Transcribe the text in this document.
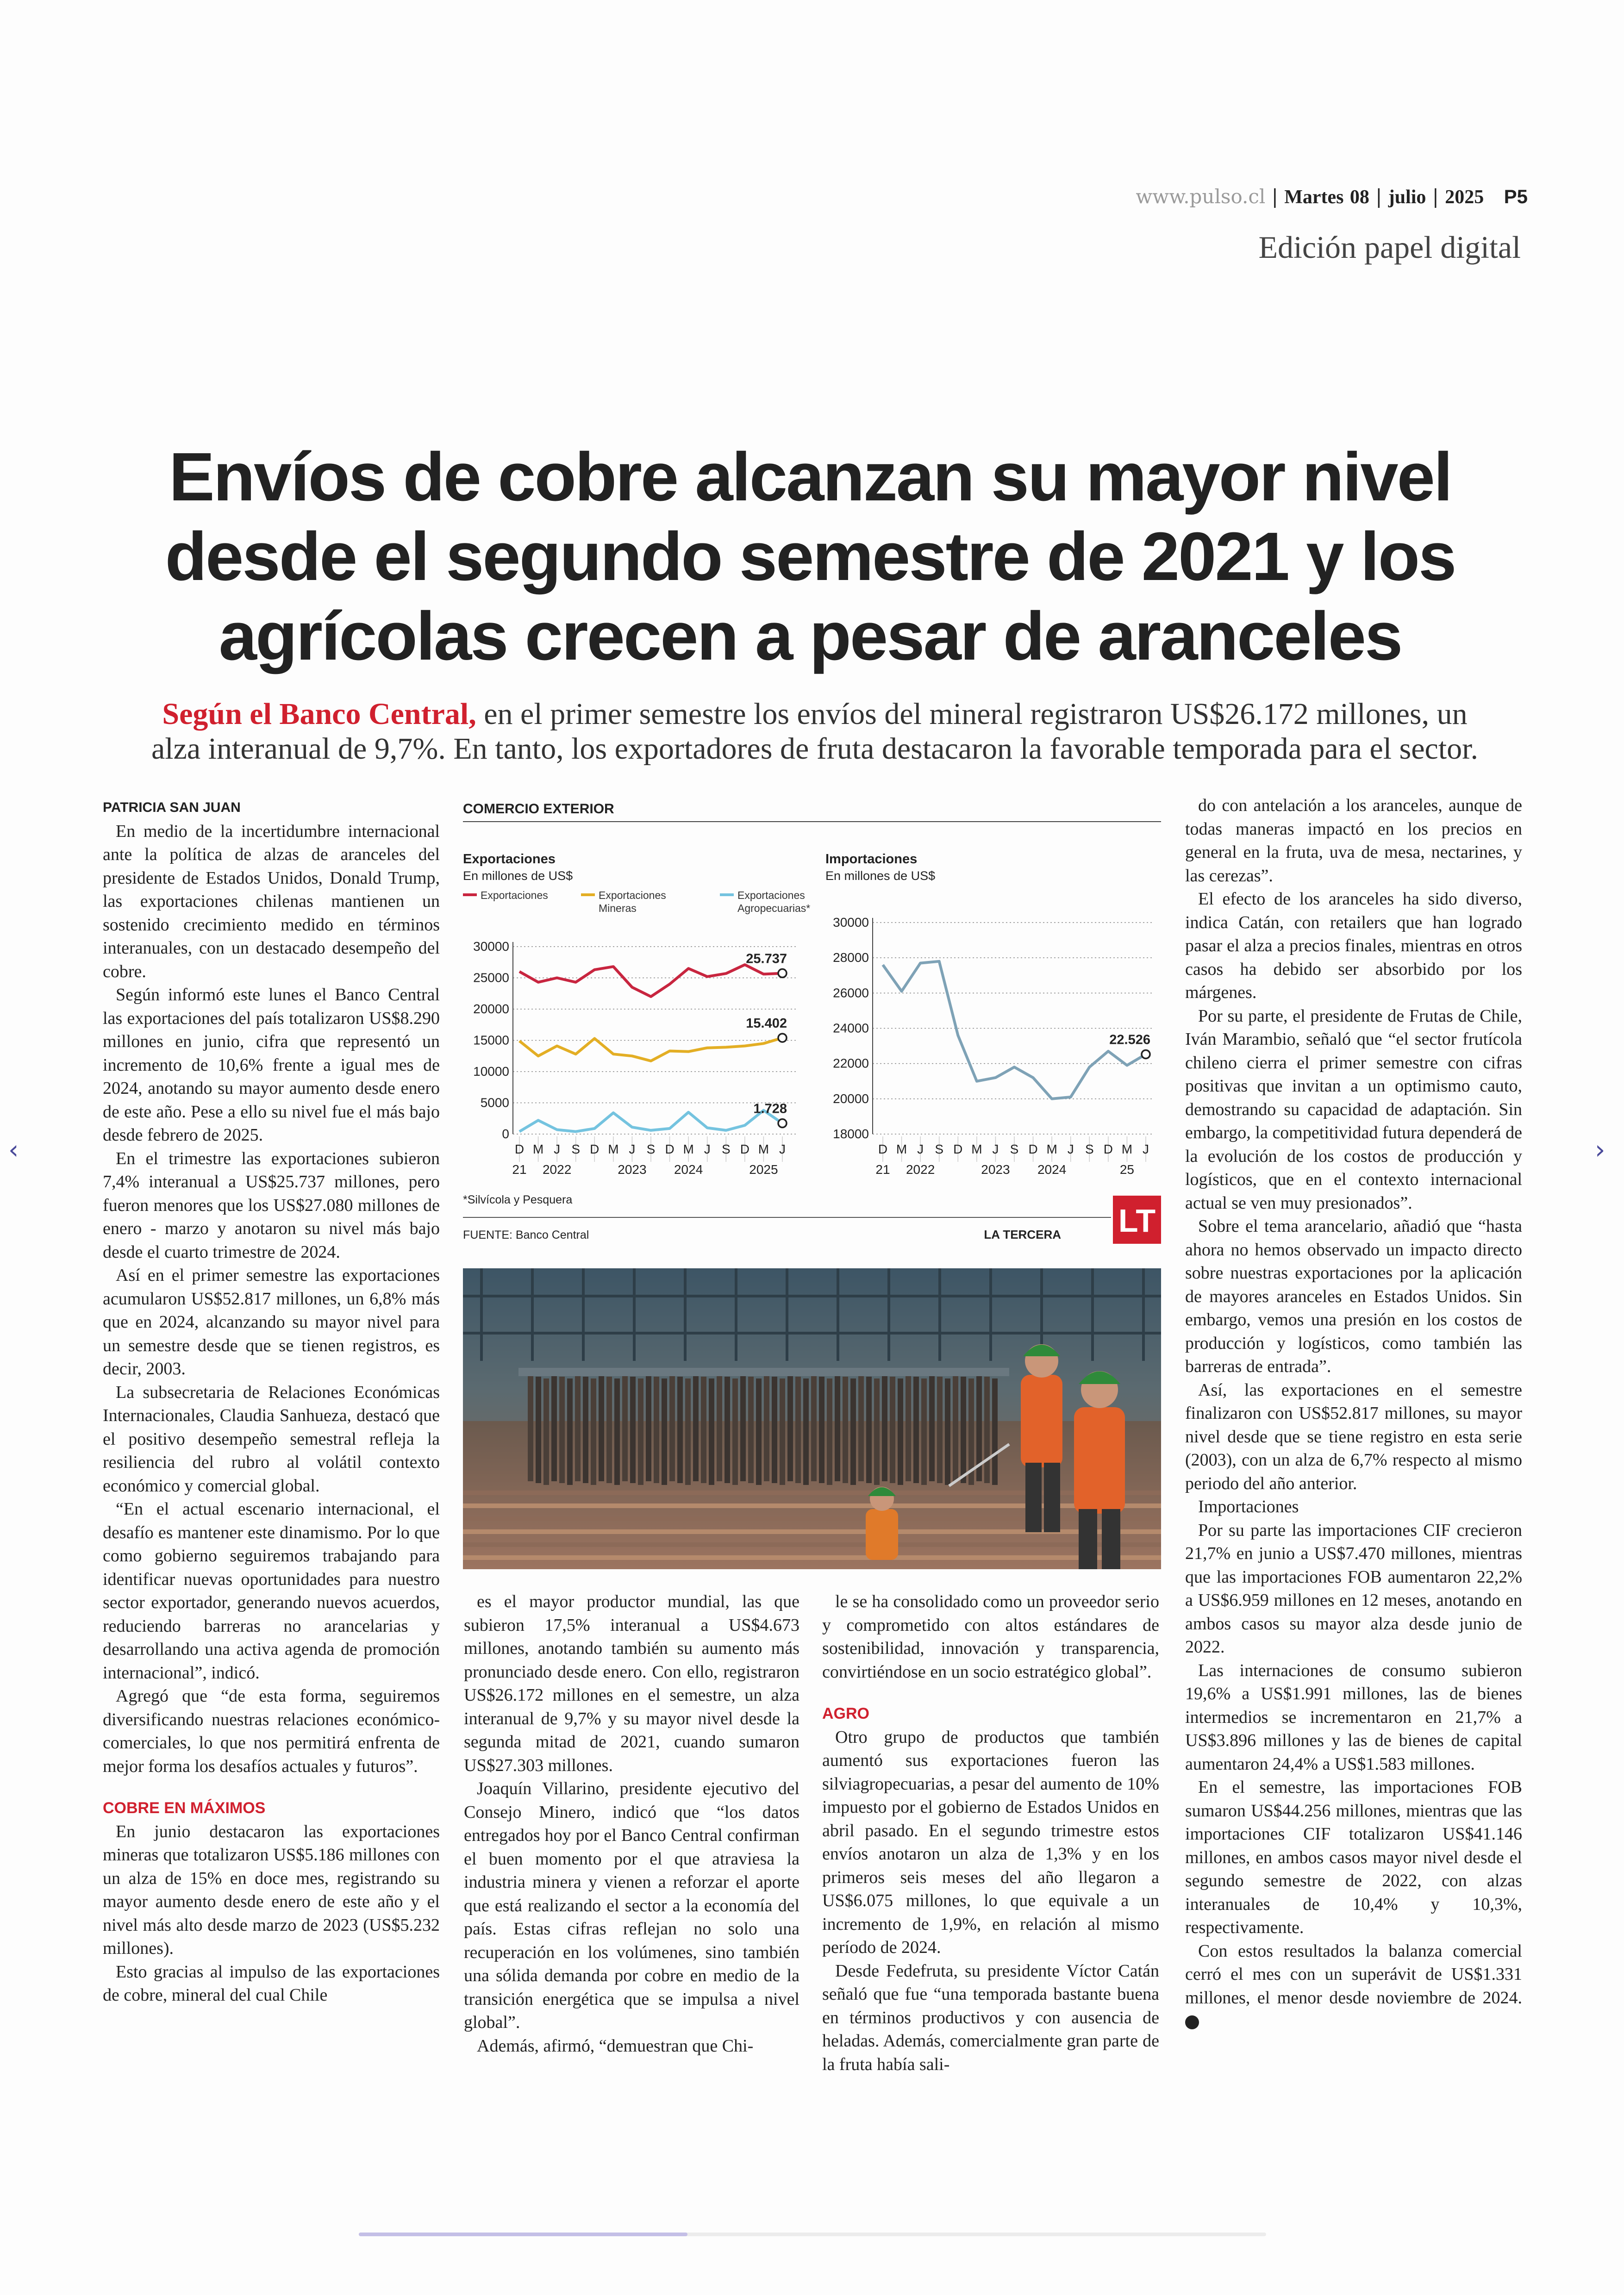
www.pulso.cl | Martes 08 | julio | 2025 P5
Edición papel digital
Envíos de cobre alcanzan su mayor nivel
desde el segundo semestre de 2021 y los
agrícolas crecen a pesar de aranceles
Según el Banco Central, en el primer semestre los envíos del mineral registraron US$26.172 millones, un
alza interanual de 9,7%. En tanto, los exportadores de fruta destacaron la favorable temporada para el sector.

PATRICIA SAN JUAN

En medio de la incertidumbre internacional ante la política de alzas de aranceles del presidente de Estados Unidos, Donald Trump, las exportaciones chilenas mantienen un sostenido crecimiento medido en términos interanuales, con un destacado desempeño del cobre.

Según informó este lunes el Banco Central las exportaciones del país totalizaron US$8.290 millones en junio, cifra que representó un incremento de 10,6% frente a igual mes de 2024, anotando su mayor aumento desde enero de este año. Pese a ello su nivel fue el más bajo desde febrero de 2025.

En el trimestre las exportaciones subieron 7,4% interanual a US$25.737 millones, pero fueron menores que los US$27.080 millones de enero - marzo y anotaron su nivel más bajo desde el cuarto trimestre de 2024.

Así en el primer semestre las exportaciones acumularon US$52.817 millones, un 6,8% más que en 2024, alcanzando su mayor nivel para un semestre desde que se tienen registros, es decir, 2003.

La subsecretaria de Relaciones Económicas Internacionales, Claudia Sanhueza, destacó que el positivo desempeño semestral refleja la resiliencia del rubro al volátil contexto económico y comercial global.

“En el actual escenario internacional, el desafío es mantener este dinamismo. Por lo que como gobierno seguiremos trabajando para identificar nuevas oportunidades para nuestro sector exportador, generando nuevos acuerdos, reduciendo barreras no arancelarias y desarrollando una activa agenda de promoción internacional”, indicó.

Agregó que “de esta forma, seguiremos diversificando nuestras relaciones económico-comerciales, lo que nos permitirá enfrenta de mejor forma los desafíos actuales y futuros”.

COBRE EN MÁXIMOS

En junio destacaron las exportaciones mineras que totalizaron US$5.186 millones con un alza de 15% en doce mes, registrando su mayor aumento desde enero de este año y el nivel más alto desde marzo de 2023 (US$5.232 millones).

Esto gracias al impulso de las exportaciones de cobre, mineral del cual Chile

COMERCIO EXTERIOR
Exportaciones
En millones de US$
Exportaciones	Exportaciones Mineras
Exportaciones Agropecuarias*
30000
25000
20000
15000
10000
5000
0
D M J S D M J S D M J S D M J
21 2022	2023 2024	2025
25.737
15.402
1.728
Importaciones
En millones de US$
30000
28000
26000
24000
22000
20000
18000
D M J S D M J S D M J S D M J
21 2022	2023 2024	25
22.526
*Silvícola y Pesquera
FUENTE: Banco Central	LA TERCERA LT

es el mayor productor mundial, las que subieron 17,5% interanual a US$4.673 millones, anotando también su aumento más pronunciado desde enero. Con ello, registraron US$26.172 millones en el semestre, un alza interanual de 9,7% y su mayor nivel desde la segunda mitad de 2021, cuando sumaron US$27.303 millones.

Joaquín Villarino, presidente ejecutivo del Consejo Minero, indicó que “los datos entregados hoy por el Banco Central confirman el buen momento por el que atraviesa la industria minera y vienen a reforzar el aporte que está realizando el sector a la economía del país. Estas cifras reflejan no solo una recuperación en los volúmenes, sino también una sólida demanda por cobre en medio de la transición energética que se impulsa a nivel global”.

Además, afirmó, “demuestran que Chi-

le se ha consolidado como un proveedor serio y comprometido con altos estándares de sostenibilidad, innovación y transparencia, convirtiéndose en un socio estratégico global”.

AGRO

Otro grupo de productos que también aumentó sus exportaciones fueron las silviagropecuarias, a pesar del aumento de 10% impuesto por el gobierno de Estados Unidos en abril pasado. En el segundo trimestre estos envíos anotaron un alza de 1,3% y en los primeros seis meses del año llegaron a US$6.075 millones, lo que equivale a un incremento de 1,9%, en relación al mismo período de 2024.

Desde Fedefruta, su presidente Víctor Catán señaló que fue “una temporada bastante buena en términos productivos y con ausencia de heladas. Además, comercialmente gran parte de la fruta había sali-

do con antelación a los aranceles, aunque de todas maneras impactó en los precios en general en la fruta, uva de mesa, nectarines, y las cerezas”.

El efecto de los aranceles ha sido diverso, indica Catán, con retailers que han logrado pasar el alza a precios finales, mientras en otros casos ha debido ser absorbido por los márgenes.

Por su parte, el presidente de Frutas de Chile, Iván Marambio, señaló que “el sector frutícola chileno cierra el primer semestre con cifras positivas que invitan a un optimismo cauto, demostrando su capacidad de adaptación. Sin embargo, la competitividad futura dependerá de la evolución de los costos de producción y logísticos, que en el contexto internacional actual se ven muy presionados”.

Sobre el tema arancelario, añadió que “hasta ahora no hemos observado un impacto directo sobre nuestras exportaciones por la aplicación de mayores aranceles en Estados Unidos. Sin embargo, vemos una presión en los costos de producción y logísticos, como también las barreras de entrada”.

Así, las exportaciones en el semestre finalizaron con US$52.817 millones, su mayor nivel desde que se tiene registro en esta serie (2003), con un alza de 6,7% respecto al mismo periodo del año anterior.

Importaciones

Por su parte las importaciones CIF crecieron 21,7% en junio a US$7.470 millones, mientras que las importaciones FOB aumentaron 22,2% a US$6.959 millones en 12 meses, anotando en ambos casos su mayor alza desde junio de 2022.

Las internaciones de consumo subieron 19,6% a US$1.991 millones, las de bienes intermedios se incrementaron en 21,7% a US$3.896 millones y las de bienes de capital aumentaron 24,4% a US$1.583 millones.

En el semestre, las importaciones FOB sumaron US$44.256 millones, mientras que las importaciones CIF totalizaron US$41.146 millones, en ambos casos mayor nivel desde el segundo semestre de 2022, con alzas interanuales de 10,4% y 10,3%, respectivamente.

Con estos resultados la balanza comercial cerró el mes con un superávit de US$1.331 millones, el menor desde noviembre de 2024.

‹	›
